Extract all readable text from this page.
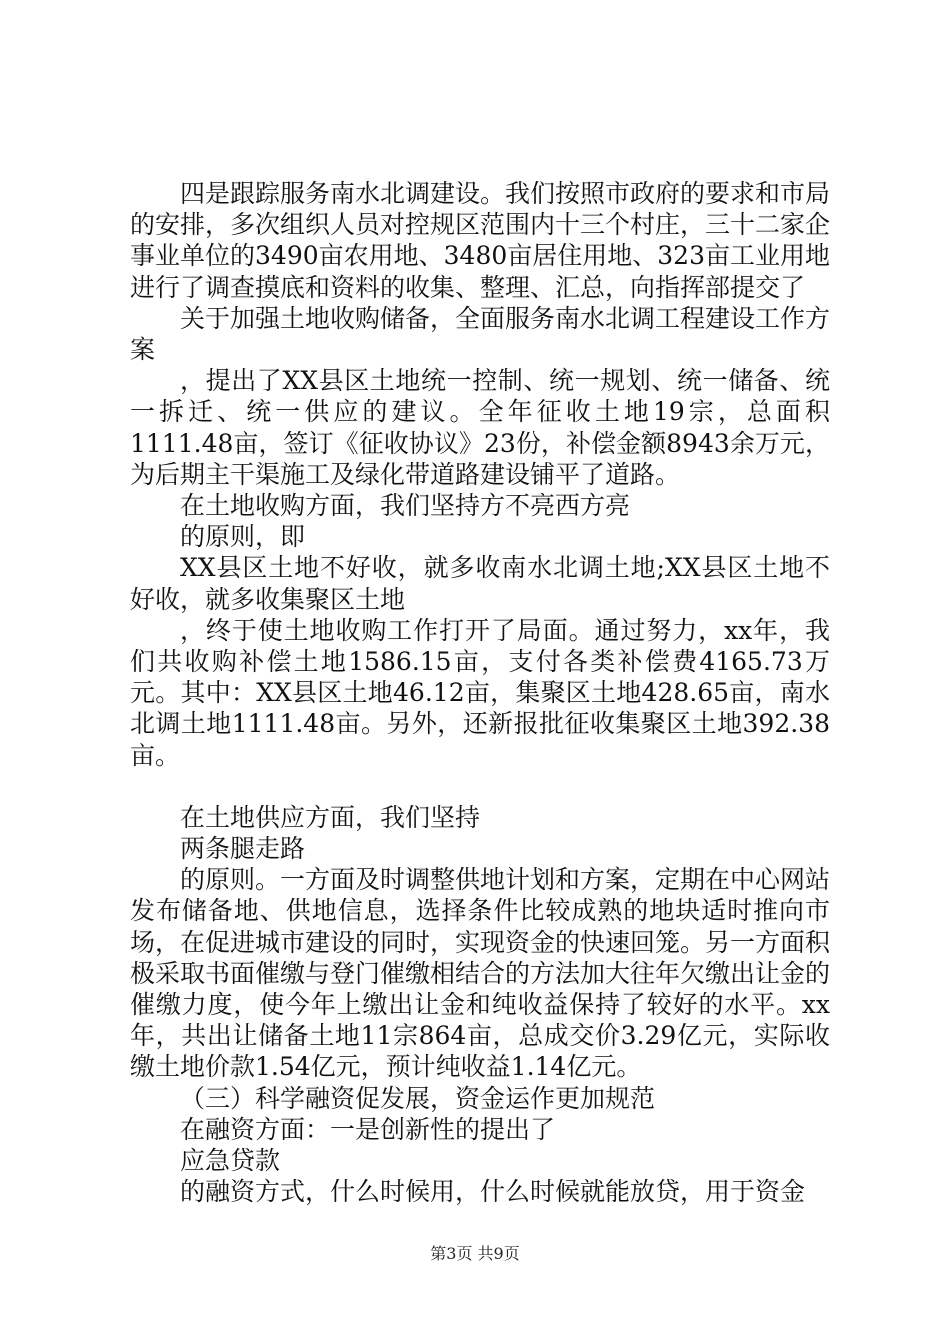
四是跟踪服务南水北调建设。我们按照市政府的要求和市局的安排，多次组织人员对控规区范围内十三个村庄，三十二家企事业单位的3490亩农用地、3480亩居住用地、323亩工业用地进行了调查摸底和资料的收集、整理、汇总，向指挥部提交了

关于加强土地收购储备，全面服务南水北调工程建设工作方案

，提出了XX县区土地统一控制、统一规划、统一储备、统一拆迁、统一供应的建议。全年征收土地19宗，总面积1111.48亩，签订《征收协议》23份，补偿金额8943余万元，为后期主干渠施工及绿化带道路建设铺平了道路。

在土地收购方面，我们坚持方不亮西方亮

的原则，即

XX县区土地不好收，就多收南水北调土地;XX县区土地不好收，就多收集聚区土地

，终于使土地收购工作打开了局面。通过努力，xx年，我们共收购补偿土地1586.15亩，支付各类补偿费4165.73万元。其中：XX县区土地46.12亩，集聚区土地428.65亩，南水北调土地1111.48亩。另外，还新报批征收集聚区土地392.38亩。

在土地供应方面，我们坚持

两条腿走路

的原则。一方面及时调整供地计划和方案，定期在中心网站发布储备地、供地信息，选择条件比较成熟的地块适时推向市场，在促进城市建设的同时，实现资金的快速回笼。另一方面积极采取书面催缴与登门催缴相结合的方法加大往年欠缴出让金的催缴力度，使今年上缴出让金和纯收益保持了较好的水平。xx年，共出让储备土地11宗864亩，总成交价3.29亿元，实际收缴土地价款1.54亿元，预计纯收益1.14亿元。

（三）科学融资促发展，资金运作更加规范

在融资方面：一是创新性的提出了

应急贷款

的融资方式，什么时候用，什么时候就能放贷，用于资金

第3页 共9页
